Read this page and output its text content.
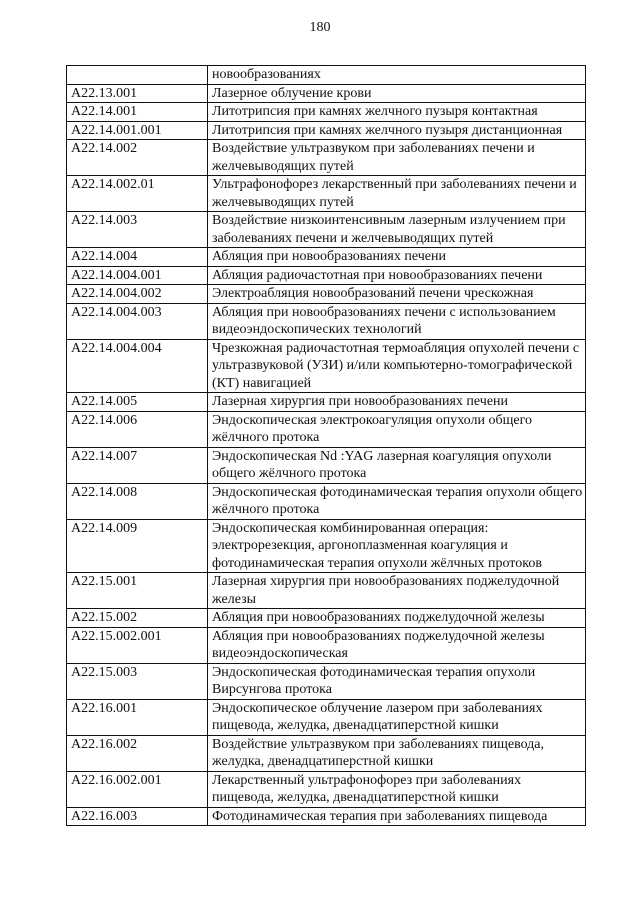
180
	новообразованиях
A22.13.001	Лазерное облучение крови
A22.14.001	Литотрипсия при камнях желчного пузыря контактная
A22.14.001.001	Литотрипсия при камнях желчного пузыря дистанционная
A22.14.002	Воздействие ультразвуком при заболеваниях печени и желчевыводящих путей
A22.14.002.01	Ультрафонофорез лекарственный при заболеваниях печени и желчевыводящих путей
A22.14.003	Воздействие низкоинтенсивным лазерным излучением при заболеваниях печени и желчевыводящих путей
A22.14.004	Абляция при новообразованиях печени
A22.14.004.001	Абляция радиочастотная при новообразованиях печени
A22.14.004.002	Электроабляция новообразований печени чрескожная
A22.14.004.003	Абляция при новообразованиях печени с использованием видеоэндоскопических технологий
A22.14.004.004	Чрезкожная радиочастотная термоабляция опухолей печени с ультразвуковой (УЗИ) и/или компьютерно-томографической (КТ) навигацией
A22.14.005	Лазерная хирургия при новообразованиях печени
A22.14.006	Эндоскопическая электрокоагуляция опухоли общего жёлчного протока
A22.14.007	Эндоскопическая Nd :YAG лазерная коагуляция опухоли общего жёлчного протока
A22.14.008	Эндоскопическая фотодинамическая терапия опухоли общего жёлчного протока
A22.14.009	Эндоскопическая комбинированная операция: электрорезекция, аргоноплазменная коагуляция и фотодинамическая терапия опухоли жёлчных протоков
A22.15.001	Лазерная хирургия при новообразованиях поджелудочной железы
A22.15.002	Абляция при новообразованиях поджелудочной железы
A22.15.002.001	Абляция при новообразованиях поджелудочной железы видеоэндоскопическая
A22.15.003	Эндоскопическая фотодинамическая терапия опухоли Вирсунгова протока
A22.16.001	Эндоскопическое облучение лазером при заболеваниях пищевода, желудка, двенадцатиперстной кишки
A22.16.002	Воздействие ультразвуком при заболеваниях пищевода, желудка, двенадцатиперстной кишки
A22.16.002.001	Лекарственный ультрафонофорез при заболеваниях пищевода, желудка, двенадцатиперстной кишки
A22.16.003	Фотодинамическая терапия при заболеваниях пищевода
